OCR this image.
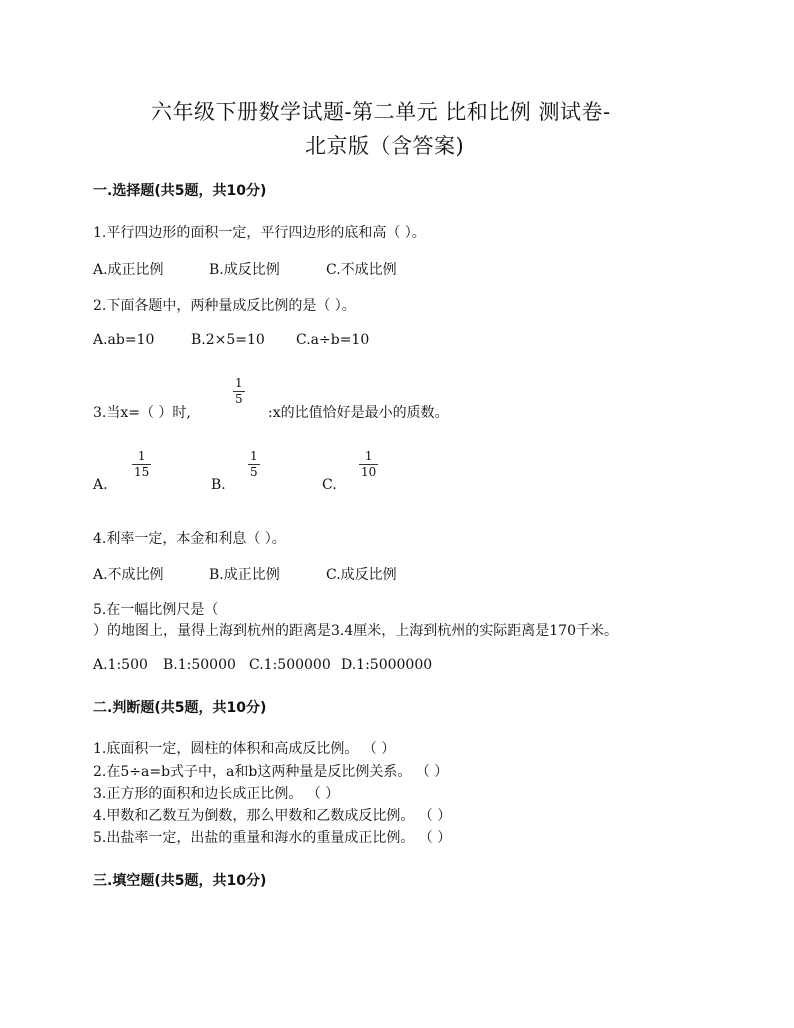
六年级下册数学试题-第二单元 比和比例 测试卷-
北京版（含答案)
一.选择题(共5题，共10分)
1.平行四边形的面积一定，平行四边形的底和高（ ）。
A.成正比例	B.成反比例	C.不成比例
2.下面各题中，两种量成反比例的是（ ）。
A.ab=10	B.2×5=10 C.a÷b=10
1
5
3.当x=（ ）时,	:x的比值恰好是最小的质数。
A.
1
15
B.
1
5
C.
1
10
4.利率一定，本金和利息（ ）。
A.不成比例	B.成正比例	C.成反比例
5.在一幅比例尺是（
）的地图上，量得上海到杭州的距离是3.4厘米，上海到杭州的实际距离是170千米。
A.1:500 B.1:50000 C.1:500000 D.1:5000000
二.判断题(共5题，共10分)
1.底面积一定，圆柱的体积和高成反比例。 （ ）
2.在5÷a=b式子中，a和b这两种量是反比例关系。 （ ）
3.正方形的面积和边长成正比例。 （ ）
4.甲数和乙数互为倒数，那么甲数和乙数成反比例。 （ ）
5.出盐率一定，出盐的重量和海水的重量成正比例。 （ ）
三.填空题(共5题，共10分)
